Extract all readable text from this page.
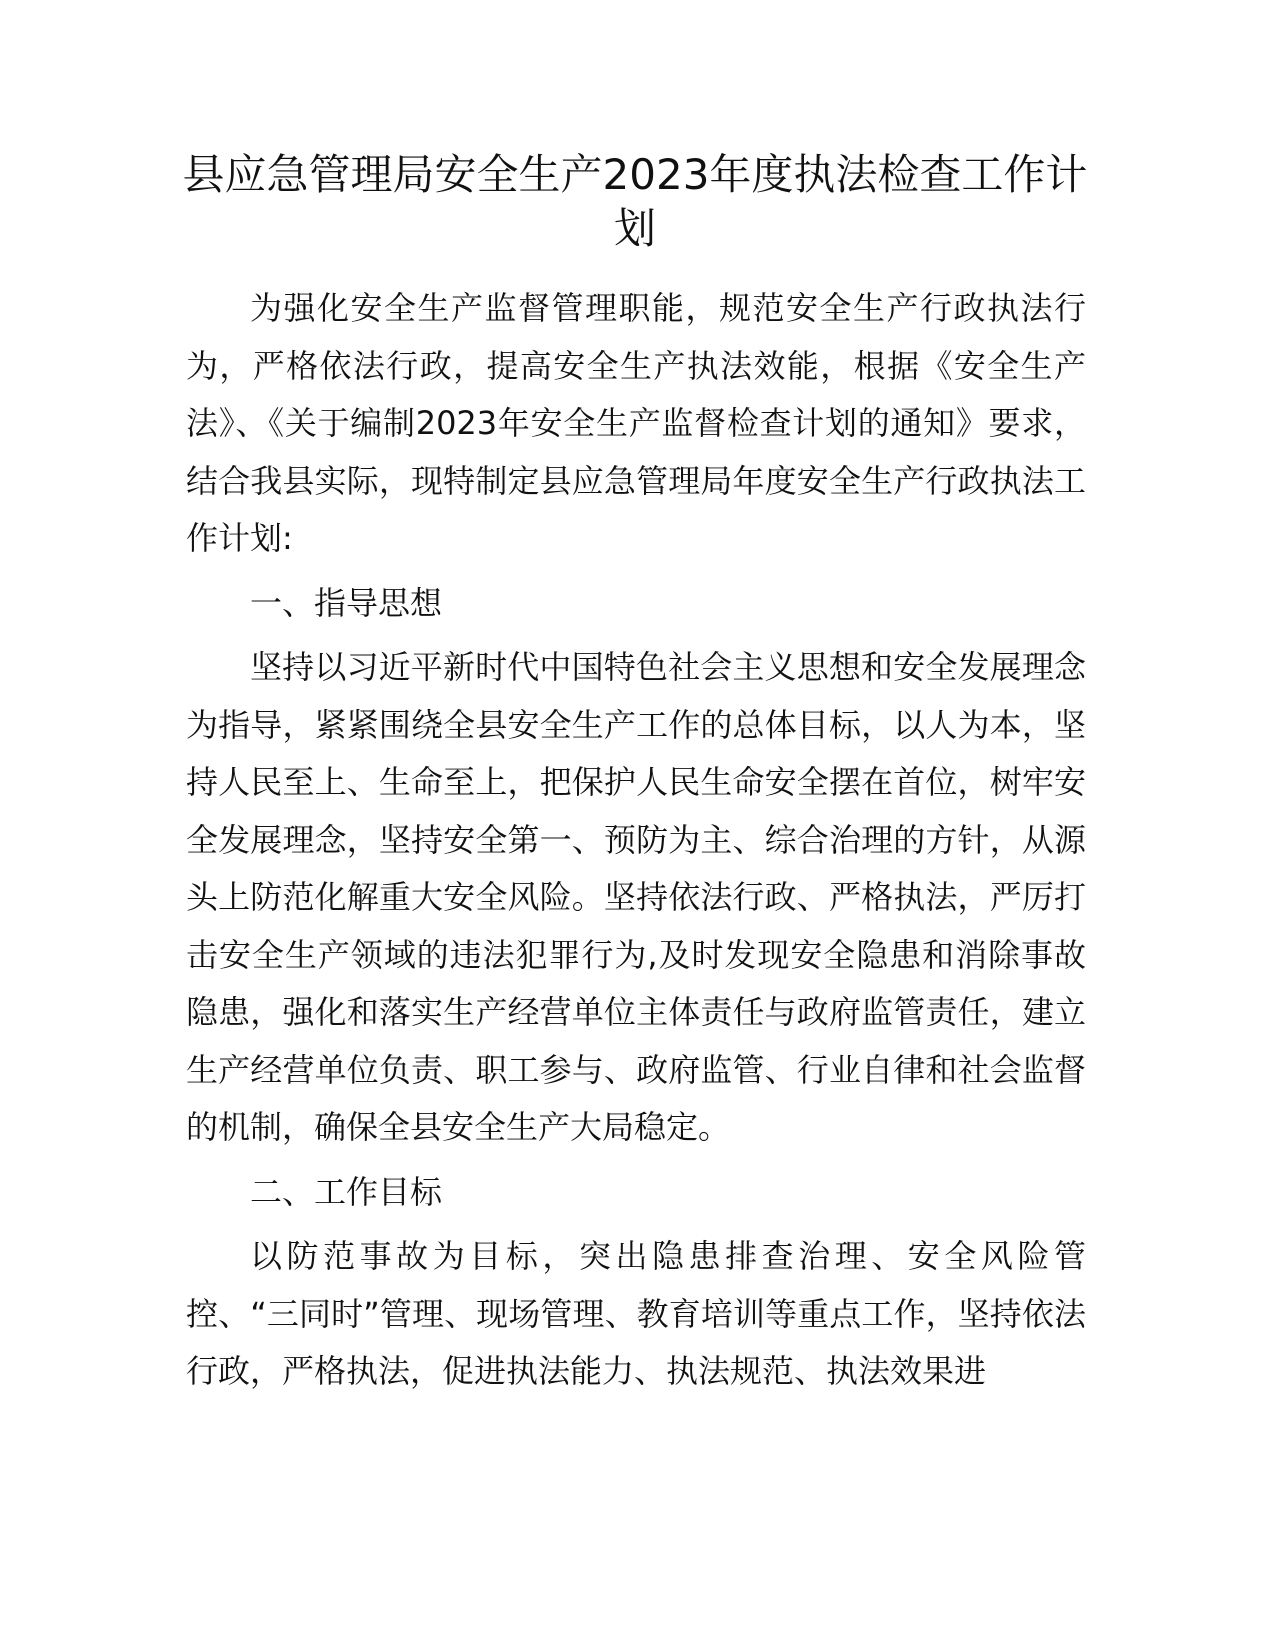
县应急管理局安全生产2023年度执法检查工作计划

为强化安全生产监督管理职能，规范安全生产行政执法行为，严格依法行政，提高安全生产执法效能，根据《安全生产法》、《关于编制2023年安全生产监督检查计划的通知》要求，结合我县实际，现特制定县应急管理局年度安全生产行政执法工作计划:

一、指导思想

坚持以习近平新时代中国特色社会主义思想和安全发展理念为指导，紧紧围绕全县安全生产工作的总体目标，以人为本，坚持人民至上、生命至上，把保护人民生命安全摆在首位，树牢安全发展理念，坚持安全第一、预防为主、综合治理的方针，从源头上防范化解重大安全风险。坚持依法行政、严格执法，严厉打击安全生产领域的违法犯罪行为,及时发现安全隐患和消除事故隐患，强化和落实生产经营单位主体责任与政府监管责任，建立生产经营单位负责、职工参与、政府监管、行业自律和社会监督的机制，确保全县安全生产大局稳定。

二、工作目标

以防范事故为目标，突出隐患排查治理、安全风险管控、“三同时”管理、现场管理、教育培训等重点工作，坚持依法行政，严格执法，促进执法能力、执法规范、执法效果进
